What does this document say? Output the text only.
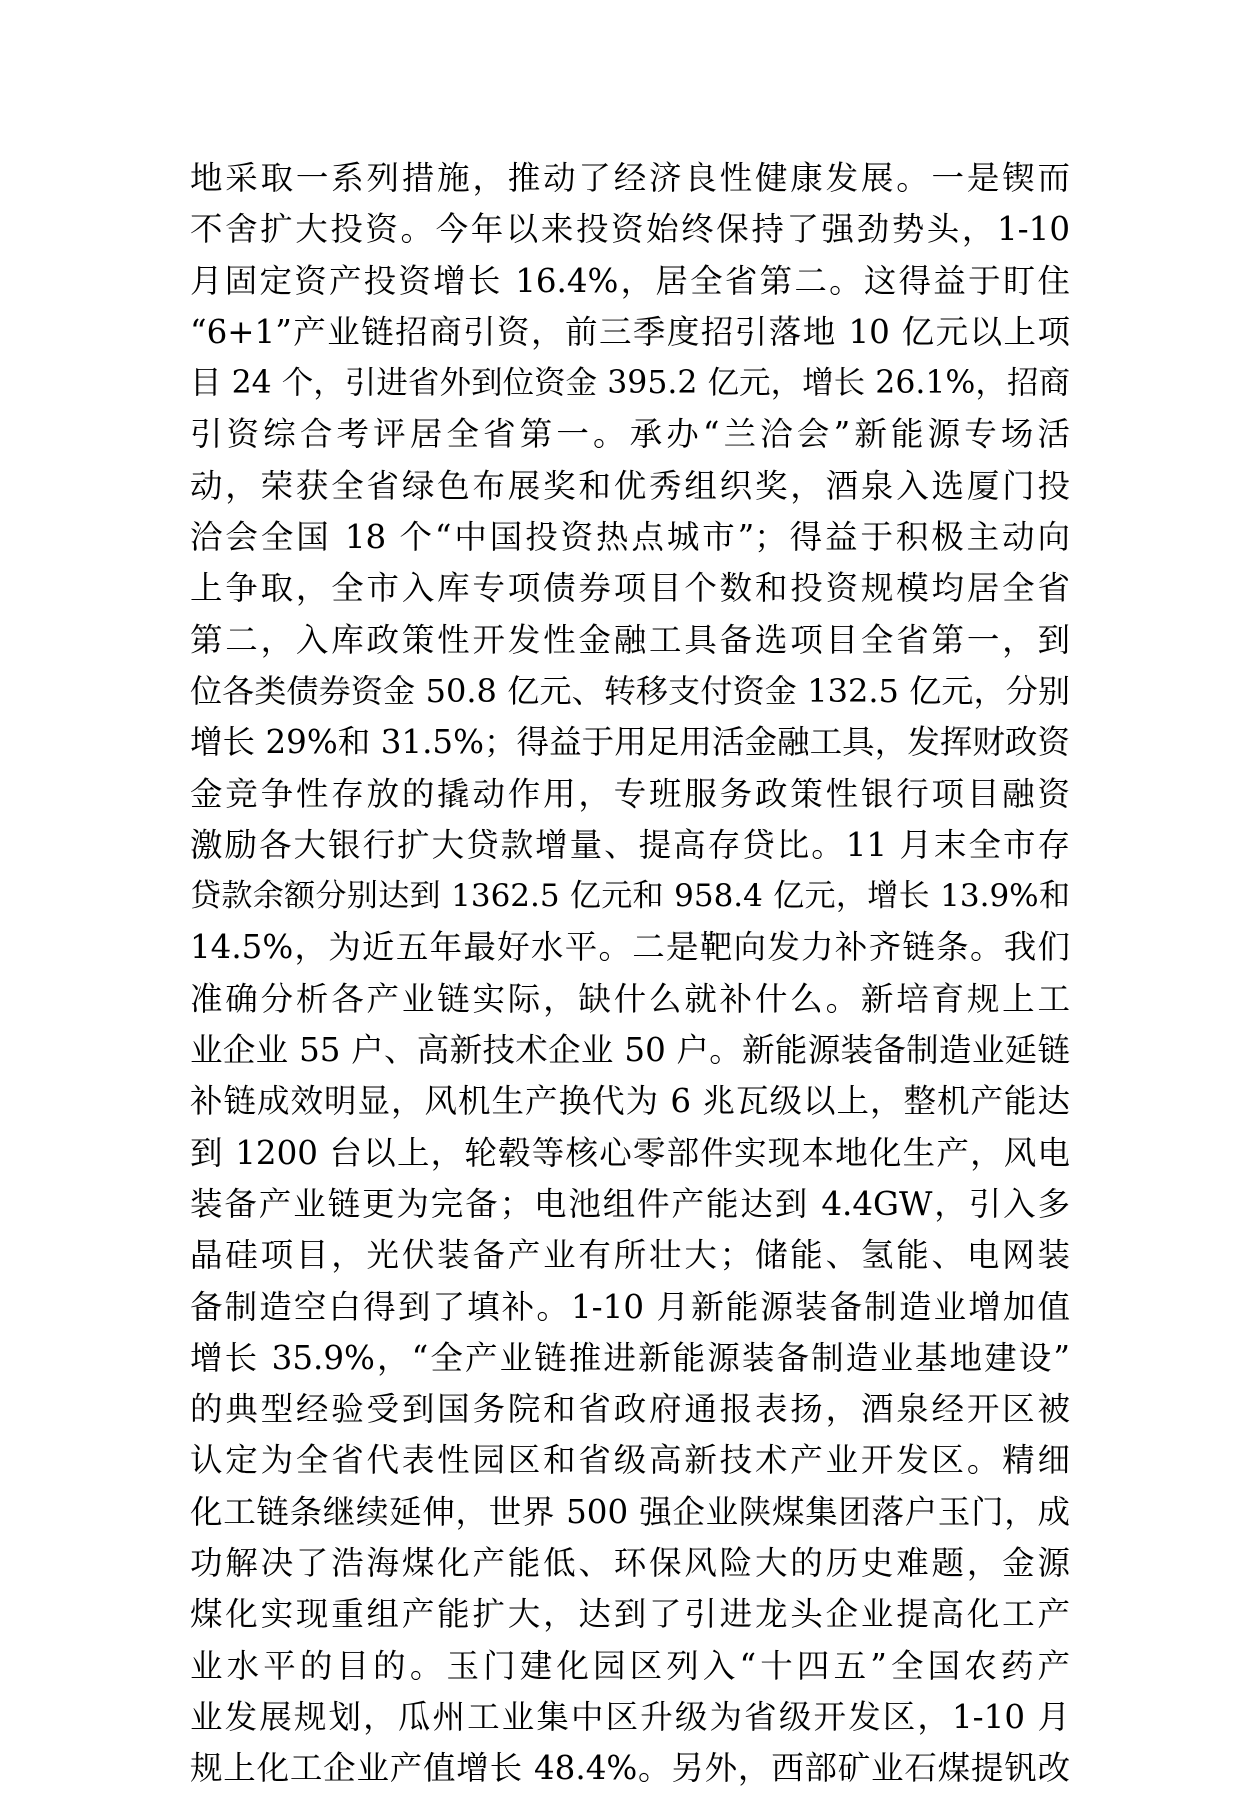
地采取一系列措施，推动了经济良性健康发展。一是锲而
不舍扩大投资。今年以来投资始终保持了强劲势头，1-10
月固定资产投资增长 16.4%，居全省第二。这得益于盯住
“6+1”产业链招商引资，前三季度招引落地 10 亿元以上项
目 24 个，引进省外到位资金 395.2 亿元，增长 26.1%，招商
引资综合考评居全省第一。承办“兰洽会”新能源专场活
动，荣获全省绿色布展奖和优秀组织奖，酒泉入选厦门投
洽会全国 18 个“中国投资热点城市”；得益于积极主动向
上争取，全市入库专项债券项目个数和投资规模均居全省
第二，入库政策性开发性金融工具备选项目全省第一，到
位各类债券资金 50.8 亿元、转移支付资金 132.5 亿元，分别
增长 29%和 31.5%；得益于用足用活金融工具，发挥财政资
金竞争性存放的撬动作用，专班服务政策性银行项目融资
激励各大银行扩大贷款增量、提高存贷比。11 月末全市存
贷款余额分别达到 1362.5 亿元和 958.4 亿元，增长 13.9%和
14.5%，为近五年最好水平。二是靶向发力补齐链条。我们
准确分析各产业链实际，缺什么就补什么。新培育规上工
业企业 55 户、高新技术企业 50 户。新能源装备制造业延链
补链成效明显，风机生产换代为 6 兆瓦级以上，整机产能达
到 1200 台以上，轮毂等核心零部件实现本地化生产，风电
装备产业链更为完备；电池组件产能达到 4.4GW，引入多
晶硅项目，光伏装备产业有所壮大；储能、氢能、电网装
备制造空白得到了填补。1-10 月新能源装备制造业增加值
增长 35.9%，“全产业链推进新能源装备制造业基地建设”
的典型经验受到国务院和省政府通报表扬，酒泉经开区被
认定为全省代表性园区和省级高新技术产业开发区。精细
化工链条继续延伸，世界 500 强企业陕煤集团落户玉门，成
功解决了浩海煤化产能低、环保风险大的历史难题，金源
煤化实现重组产能扩大，达到了引进龙头企业提高化工产
业水平的目的。玉门建化园区列入“十四五”全国农药产
业发展规划，瓜州工业集中区升级为省级开发区，1-10 月
规上化工企业产值增长 48.4%。另外，西部矿业石煤提钒改
